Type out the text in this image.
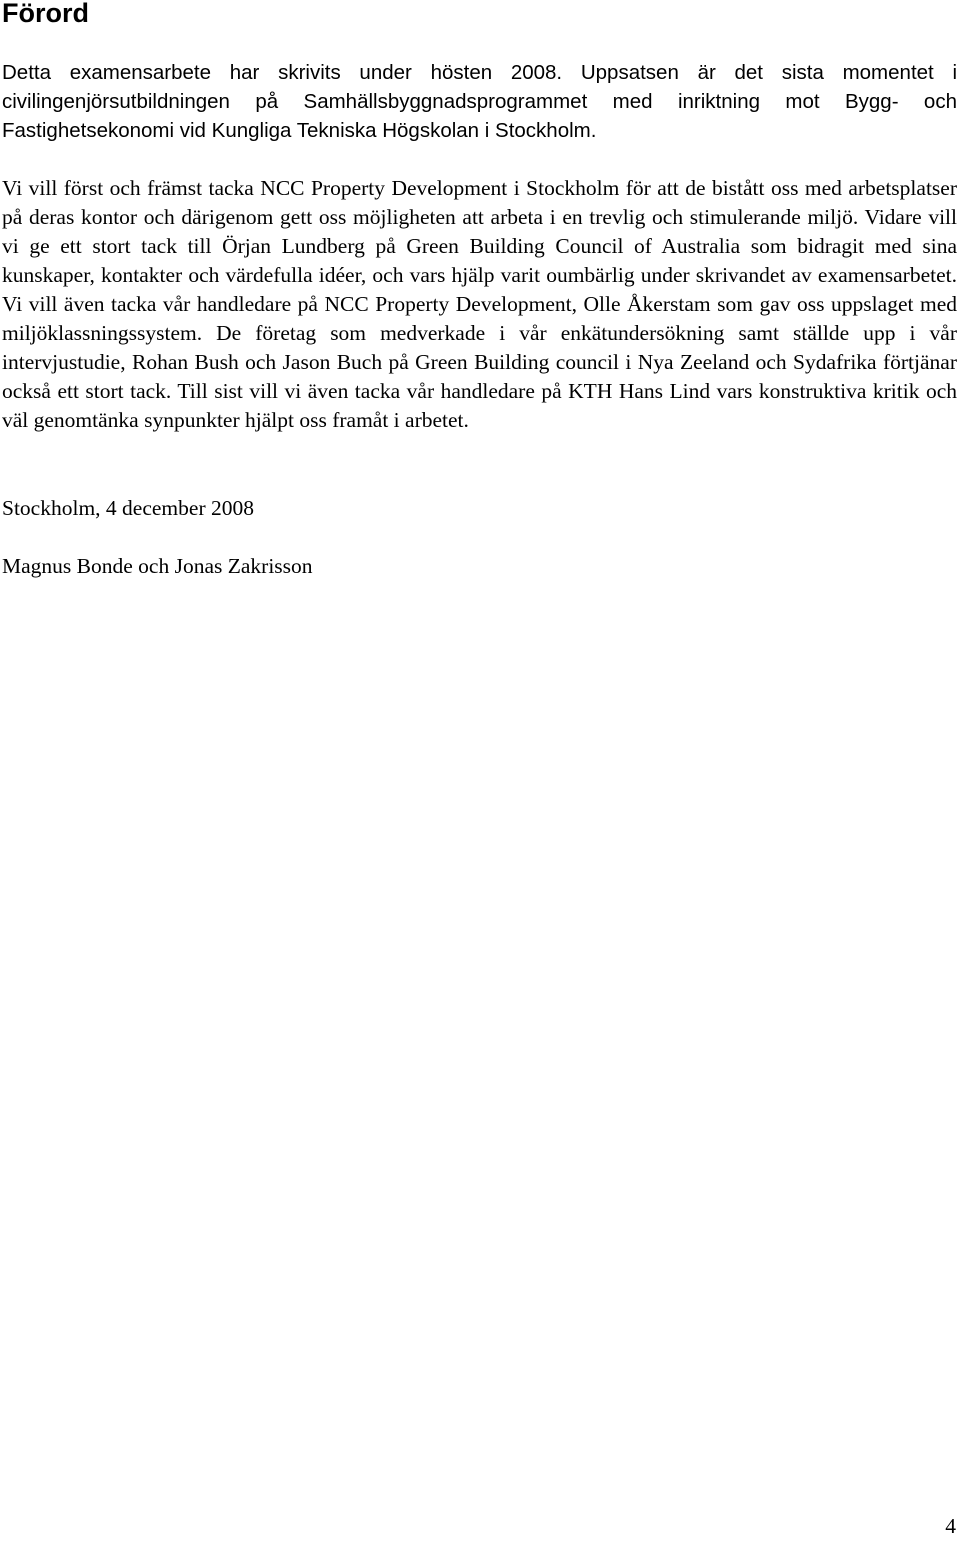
Förord

Detta examensarbete har skrivits under hösten 2008. Uppsatsen är det sista momentet i civilingenjörsutbildningen på Samhällsbyggnadsprogrammet med inriktning mot Bygg- och Fastighetsekonomi vid Kungliga Tekniska Högskolan i Stockholm.

Vi vill först och främst tacka NCC Property Development i Stockholm för att de bistått oss med arbetsplatser på deras kontor och därigenom gett oss möjligheten att arbeta i en trevlig och stimulerande miljö. Vidare vill vi ge ett stort tack till Örjan Lundberg på Green Building Council of Australia som bidragit med sina kunskaper, kontakter och värdefulla idéer, och vars hjälp varit oumbärlig under skrivandet av examensarbetet. Vi vill även tacka vår handledare på NCC Property Development, Olle Åkerstam som gav oss uppslaget med miljöklassningssystem. De företag som medverkade i vår enkätundersökning samt ställde upp i vår intervjustudie, Rohan Bush och Jason Buch på Green Building council i Nya Zeeland och Sydafrika förtjänar också ett stort tack. Till sist vill vi även tacka vår handledare på KTH Hans Lind vars konstruktiva kritik och väl genomtänka synpunkter hjälpt oss framåt i arbetet.

Stockholm, 4 december 2008

Magnus Bonde och Jonas Zakrisson

4
